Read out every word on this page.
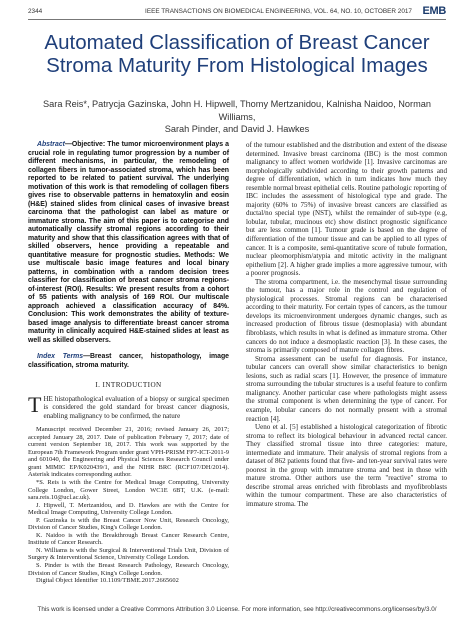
2344	IEEE TRANSACTIONS ON BIOMEDICAL ENGINEERING, VOL. 64, NO. 10, OCTOBER 2017 EMB
Automated Classification of Breast Cancer Stroma Maturity From Histological Images
Sara Reis*, Patrycja Gazinska, John H. Hipwell, Thomy Mertzanidou, Kalnisha Naidoo, Norman Williams,
Sarah Pinder, and David J. Hawkes

Abstract—Objective: The tumor microenvironment plays a crucial role in regulating tumor progression by a number of different mechanisms, in particular, the remodeling of collagen fibers in tumor-associated stroma, which has been reported to be related to patient survival. The underlying motivation of this work is that remodeling of collagen fibers gives rise to observable patterns in hematoxylin and eosin (H&E) stained slides from clinical cases of invasive breast carcinoma that the pathologist can label as mature or immature stroma. The aim of this paper is to categorise and automatically classify stromal regions according to their maturity and show that this classification agrees with that of skilled observers, hence providing a repeatable and quantitative measure for prognostic studies. Methods: We use multiscale basic image features and local binary patterns, in combination with a random decision trees classifier for classification of breast cancer stroma regions-of-interest (ROI). Results: We present results from a cohort of 55 patients with analysis of 169 ROI. Our multiscale approach achieved a classification accuracy of 84%. Conclusion: This work demonstrates the ability of texture-based image analysis to differentiate breast cancer stroma maturity in clinically acquired H&E-stained slides at least as well as skilled observers.

Index Terms—Breast cancer, histopathology, image classification, stroma maturity.

I. INTRODUCTION

THE histopathological evaluation of a biopsy or surgical specimen is considered the gold standard for breast cancer diagnosis, enabling malignancy to be confirmed, the nature

Manuscript received December 21, 2016; revised January 26, 2017; accepted January 28, 2017. Date of publication February 7, 2017; date of current version September 18, 2017. This work was supported by the European 7th Framework Program under grant VPH-PRISM FP7-ICT-2011-9 and 601040, the Engineering and Physical Sciences Research Council under grant MIMIC EP/K020439/1, and the NIHR BRC (RCF107/DH/2014). Asterisk indicates corresponding author.

*S. Reis is with the Centre for Medical Image Computing, University College London, Gower Street, London WC1E 6BT, U.K. (e-mail: sara.reis.10@ucl.ac.uk).

J. Hipwell, T. Mertzanidou, and D. Hawkes are with the Centre for Medical Image Computing, University College London.

P. Gazinska is with the Breast Cancer Now Unit, Research Oncology, Division of Cancer Studies, King's College London.

K. Naidoo is with the Breakthrough Breast Cancer Research Centre, Institute of Cancer Research.

N. Williams is with the Surgical & Interventional Trials Unit, Division of Surgery & Interventional Science, University College London.

S. Pinder is with the Breast Research Pathology, Research Oncology, Division of Cancer Studies, King's College London.

Digital Object Identifier 10.1109/TBME.2017.2665602

of the tumour established and the distribution and extent of the disease determined. Invasive breast carcinoma (IBC) is the most common malignancy to affect women worldwide [1]. Invasive carcinomas are morphologically subdivided according to their growth patterns and degree of differentiation, which in turn indicates how much they resemble normal breast epithelial cells. Routine pathologic reporting of IBC includes the assessment of histological type and grade. The majority (60% to 75%) of invasive breast cancers are classified as ductal/no special type (NST), whilst the remainder of sub-type (e.g, lobular, tubular, mucinous etc) show distinct prognostic significance but are less common [1]. Tumour grade is based on the degree of differentiation of the tumour tissue and can be applied to all types of cancer. It is a composite, semi-quantitative score of tubule formation, nuclear pleomorphism/atypia and mitotic activity in the malignant epithelium [2]. A higher grade implies a more aggressive tumour, with a poorer prognosis.

The stroma compartment, i.e. the mesenchymal tissue surrounding the tumour, has a major role in the control and regulation of physiological processes. Stromal regions can be characterised according to their maturity. For certain types of cancers, as the tumour develops its microenvironment undergoes dynamic changes, such as increased production of fibrous tissue (desmoplasia) with abundant fibroblasts, which results in what is defined as immature stroma. Other cancers do not induce a desmoplastic reaction [3]. In these cases, the stroma is primarily composed of mature collagen fibres.

Stroma assessment can be useful for diagnosis. For instance, tubular cancers can overall show similar characteristics to benign lesions, such as radial scars [1]. However, the presence of immature stroma surrounding the tubular structures is a useful feature to confirm malignancy. Another particular case where pathologists might assess the stromal component is when determining the type of cancer. For example, lobular cancers do not normally present with a stromal reaction [4].

Ueno et al. [5] established a histological categorization of fibrotic stroma to reflect its biological behaviour in advanced rectal cancer. They classified stromal tissue into three categories: mature, intermediate and immature. Their analysis of stromal regions from a dataset of 862 patients found that five- and ten-year survival rates were poorest in the group with immature stroma and best in those with mature stroma. Other authors use the term "reactive" stroma to describe stromal areas enriched with fibroblasts and myofibroblasts within the tumour compartment. These are also characteristics of immature stroma. The

This work is licensed under a Creative Commons Attribution 3.0 License. For more information, see http://creativecommons.org/licenses/by/3.0/
